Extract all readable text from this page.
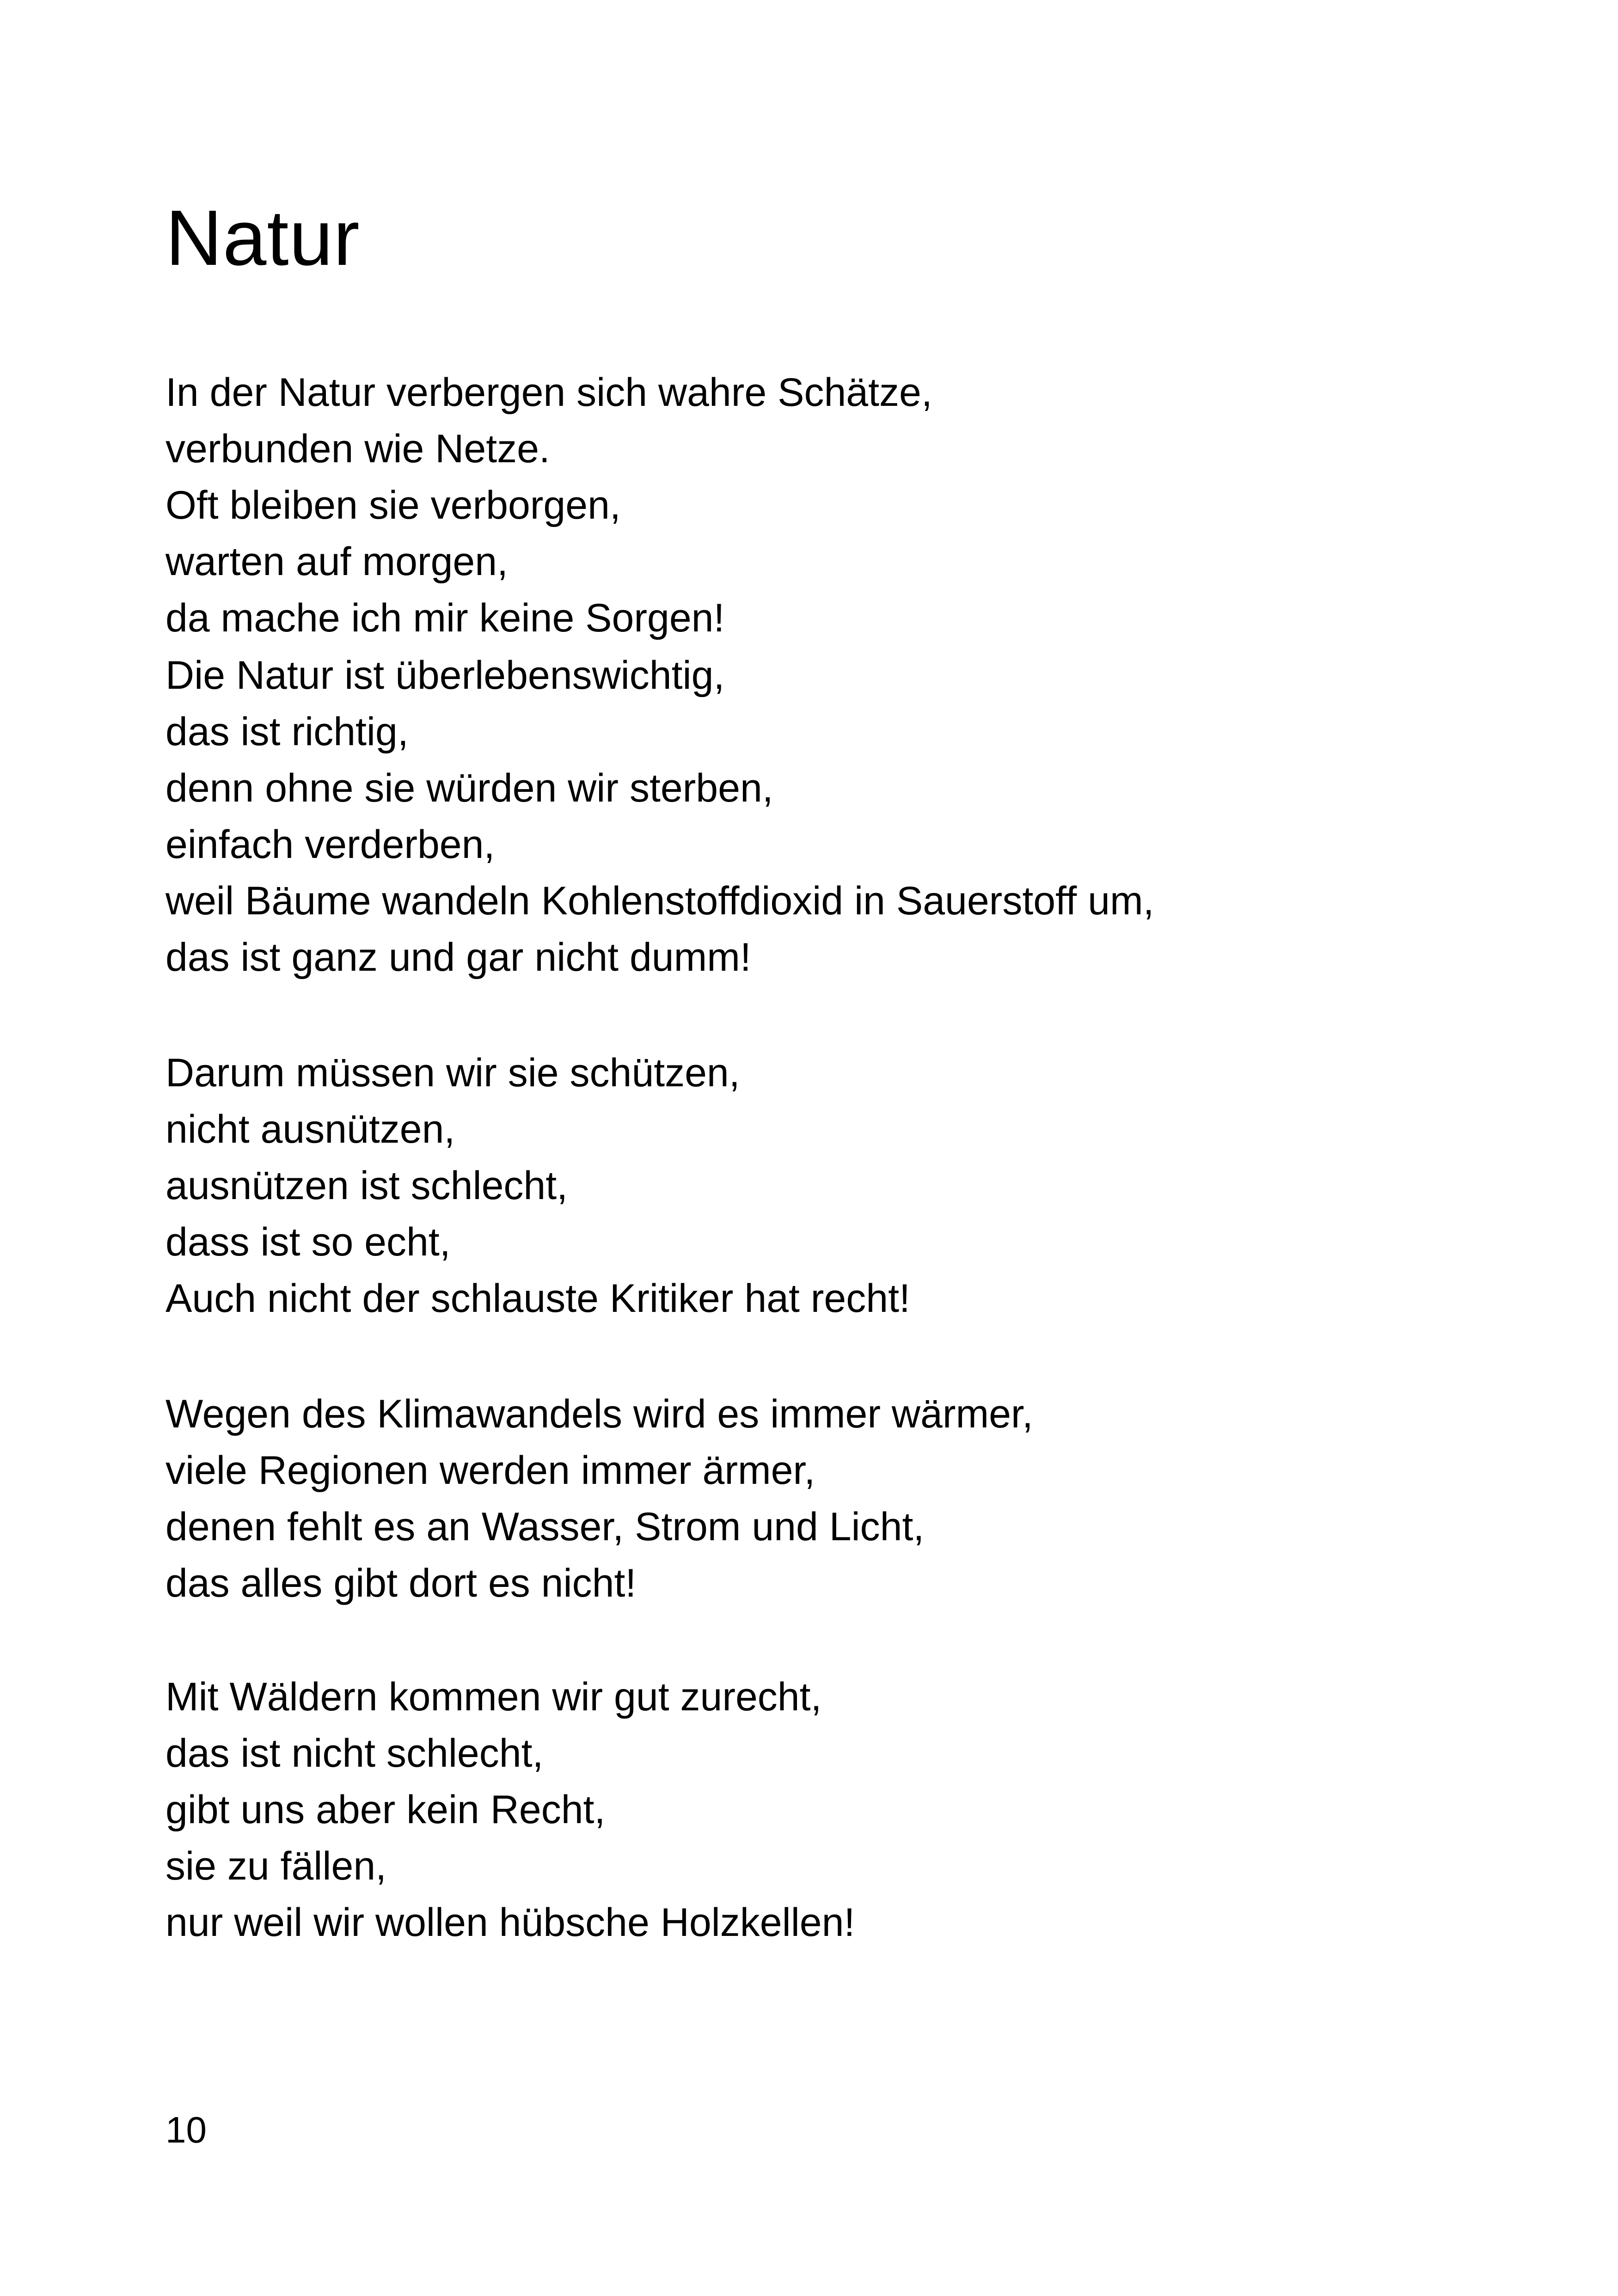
Natur
In der Natur verbergen sich wahre Schätze,
verbunden wie Netze.
Oft bleiben sie verborgen,
warten auf morgen,
da mache ich mir keine Sorgen!
Die Natur ist überlebenswichtig,
das ist richtig,
denn ohne sie würden wir sterben,
einfach verderben,
weil Bäume wandeln Kohlenstoffdioxid in Sauerstoff um,
das ist ganz und gar nicht dumm!
Darum müssen wir sie schützen,
nicht ausnützen,
ausnützen ist schlecht,
dass ist so echt,
Auch nicht der schlauste Kritiker hat recht!
Wegen des Klimawandels wird es immer wärmer,
viele Regionen werden immer ärmer,
denen fehlt es an Wasser, Strom und Licht,
das alles gibt dort es nicht!
Mit Wäldern kommen wir gut zurecht,
das ist nicht schlecht,
gibt uns aber kein Recht,
sie zu fällen,
nur weil wir wollen hübsche Holzkellen!
10
